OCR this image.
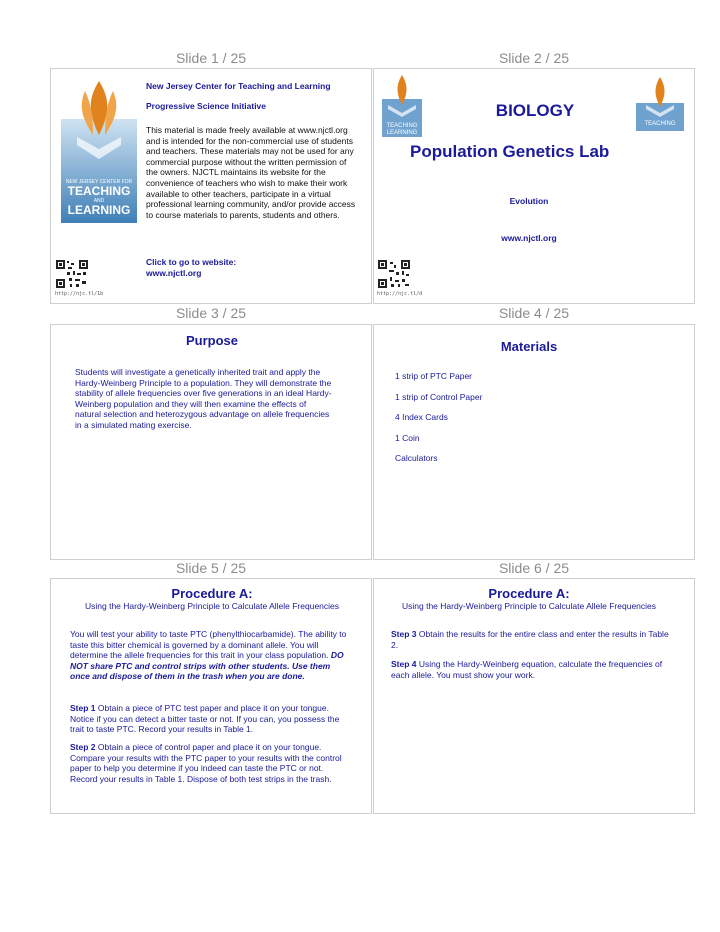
Slide 1 / 25	Slide 2 / 25
NEW JERSEY CENTER FOR
TEACHING
AND
LEARNING
New Jersey Center for Teaching and Learning
Progressive Science Initiative
This material is made freely available at www.njctl.org and is intended for the non-commercial use of students and teachers. These materials may not be used for any commercial purpose without the written permission of the owners. NJCTL maintains its website for the convenience of teachers who wish to make their work available to other teachers, participate in a virtual professional learning community, and/or provide access to course materials to parents, students and others.
Click to go to website:
www.njctl.org
http://njc.tl/1b
TEACHING
LEARNING
TEACHING
BIOLOGY
Population Genetics Lab
Evolution
www.njctl.org
http://njc.tl/d
Slide 3 / 25	Slide 4 / 25
Purpose
Students will investigate a genetically inherited trait and apply the Hardy-Weinberg Principle to a population. They will demonstrate the stability of allele frequencies over five generations in an ideal Hardy-Weinberg population and they will then examine the effects of natural selection and heterozygous advantage on allele frequencies in a simulated mating exercise.
Materials
1 strip of PTC Paper
1 strip of Control Paper
4 Index Cards
1 Coin
Calculators
Slide 5 / 25	Slide 6 / 25
Procedure A:
Using the Hardy-Weinberg Principle to Calculate Allele Frequencies
You will test your ability to taste PTC (phenylthiocarbamide). The ability to taste this bitter chemical is governed by a dominant allele. You will determine the allele frequencies for this trait in your class population. DO NOT share PTC and control strips with other students. Use them once and dispose of them in the trash when you are done.
Step 1 Obtain a piece of PTC test paper and place it on your tongue. Notice if you can detect a bitter taste or not. If you can, you possess the trait to taste PTC. Record your results in Table 1.
Step 2 Obtain a piece of control paper and place it on your tongue. Compare your results with the PTC paper to your results with the control paper to help you determine if you indeed can taste the PTC or not. Record your results in Table 1. Dispose of both test strips in the trash.
Procedure A:
Using the Hardy-Weinberg Principle to Calculate Allele Frequencies
Step 3 Obtain the results for the entire class and enter the results in Table 2.
Step 4 Using the Hardy-Weinberg equation, calculate the frequencies of each allele. You must show your work.
